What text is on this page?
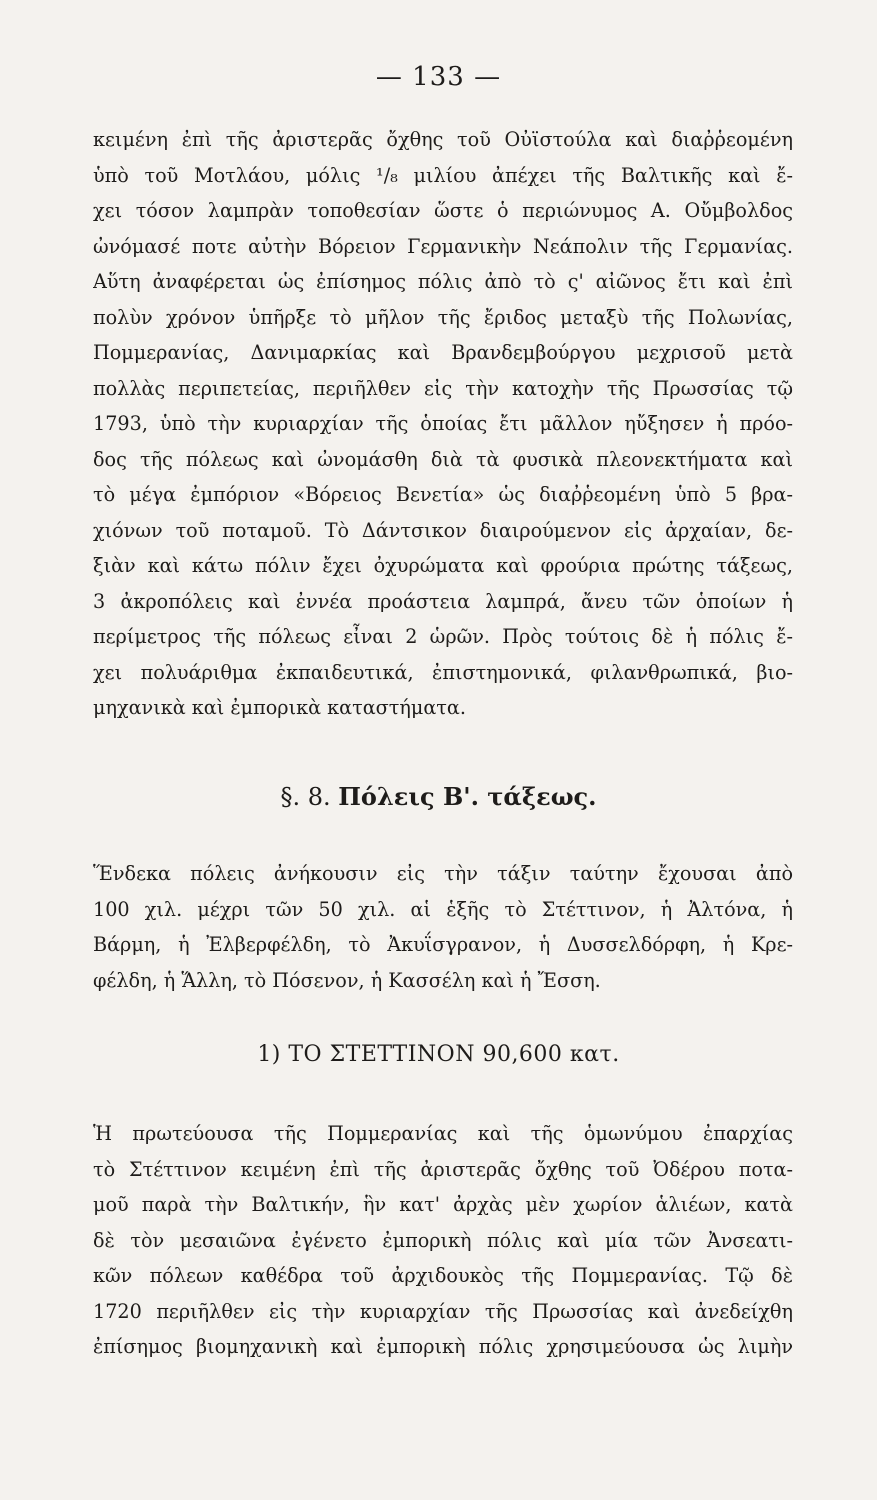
— 133 —
κειμένη ἐπὶ τῆς ἀριστερᾶς ὄχθης τοῦ Οὐϊστούλα καὶ διαῤῥεομένη
ὑπὸ τοῦ Μοτλάου, μόλις ¹/₈ μιλίου ἀπέχει τῆς Βαλτικῆς καὶ ἔ-
χει τόσον λαμπρὰν τοποθεσίαν ὥστε ὁ περιώνυμος Α. Οὔμβολδος
ὠνόμασέ ποτε αὐτὴν Βόρειον Γερμανικὴν Νεάπολιν τῆς Γερμανίας.
Αὕτη ἀναφέρεται ὡς ἐπίσημος πόλις ἀπὸ τὸ ς' αἰῶνος ἔτι καὶ ἐπὶ
πολὺν χρόνον ὑπῆρξε τὸ μῆλον τῆς ἔριδος μεταξὺ τῆς Πολωνίας,
Πομμερανίας, Δανιμαρκίας καὶ Βρανδεμβούργου μεχρισοῦ μετὰ
πολλὰς περιπετείας, περιῆλθεν εἰς τὴν κατοχὴν τῆς Πρωσσίας τῷ
1793, ὑπὸ τὴν κυριαρχίαν τῆς ὁποίας ἔτι μᾶλλον ηὔξησεν ἡ πρόο-
δος τῆς πόλεως καὶ ὠνομάσθη διὰ τὰ φυσικὰ πλεονεκτήματα καὶ
τὸ μέγα ἐμπόριον «Βόρειος Βενετία» ὡς διαῤῥεομένη ὑπὸ 5 βρα-
χιόνων τοῦ ποταμοῦ. Τὸ Δάντσικον διαιρούμενον εἰς ἀρχαίαν, δε-
ξιὰν καὶ κάτω πόλιν ἔχει ὀχυρώματα καὶ φρούρια πρώτης τάξεως,
3 ἀκροπόλεις καὶ ἐννέα προάστεια λαμπρά, ἄνευ τῶν ὁποίων ἡ
περίμετρος τῆς πόλεως εἶναι 2 ὡρῶν. Πρὸς τούτοις δὲ ἡ πόλις ἔ-
χει πολυάριθμα ἐκπαιδευτικά, ἐπιστημονικά, φιλανθρωπικά, βιο-
μηχανικὰ καὶ ἐμπορικὰ καταστήματα.
§. 8. Πόλεις Β'. τάξεως.
Ἕνδεκα πόλεις ἀνήκουσιν εἰς τὴν τάξιν ταύτην ἔχουσαι ἀπὸ
100 χιλ. μέχρι τῶν 50 χιλ. αἱ ἑξῆς τὸ Στέττινον, ἡ Ἀλτόνα, ἡ
Βάρμη, ἡ Ἐλβερφέλδη, τὸ Ἀκυΐσγρανον, ἡ Δυσσελδόρφη, ἡ Κρε-
φέλδη, ἡ Ἅλλη, τὸ Πόσενον, ἡ Κασσέλη καὶ ἡ Ἔσση.
1) ΤΟ ΣΤΕΤΤΙΝΟΝ 90,600 κατ.
Ἡ πρωτεύουσα τῆς Πομμερανίας καὶ τῆς ὁμωνύμου ἐπαρχίας
τὸ Στέττινον κειμένη ἐπὶ τῆς ἀριστερᾶς ὄχθης τοῦ Ὀδέρου ποτα-
μοῦ παρὰ τὴν Βαλτικήν, ἣν κατ' ἀρχὰς μὲν χωρίον ἁλιέων, κατὰ
δὲ τὸν μεσαιῶνα ἐγένετο ἐμπορικὴ πόλις καὶ μία τῶν Ἀνσεατι-
κῶν πόλεων καθέδρα τοῦ ἀρχιδουκὸς τῆς Πομμερανίας. Τῷ δὲ
1720 περιῆλθεν εἰς τὴν κυριαρχίαν τῆς Πρωσσίας καὶ ἀνεδείχθη
ἐπίσημος βιομηχανικὴ καὶ ἐμπορικὴ πόλις χρησιμεύουσα ὡς λιμὴν
